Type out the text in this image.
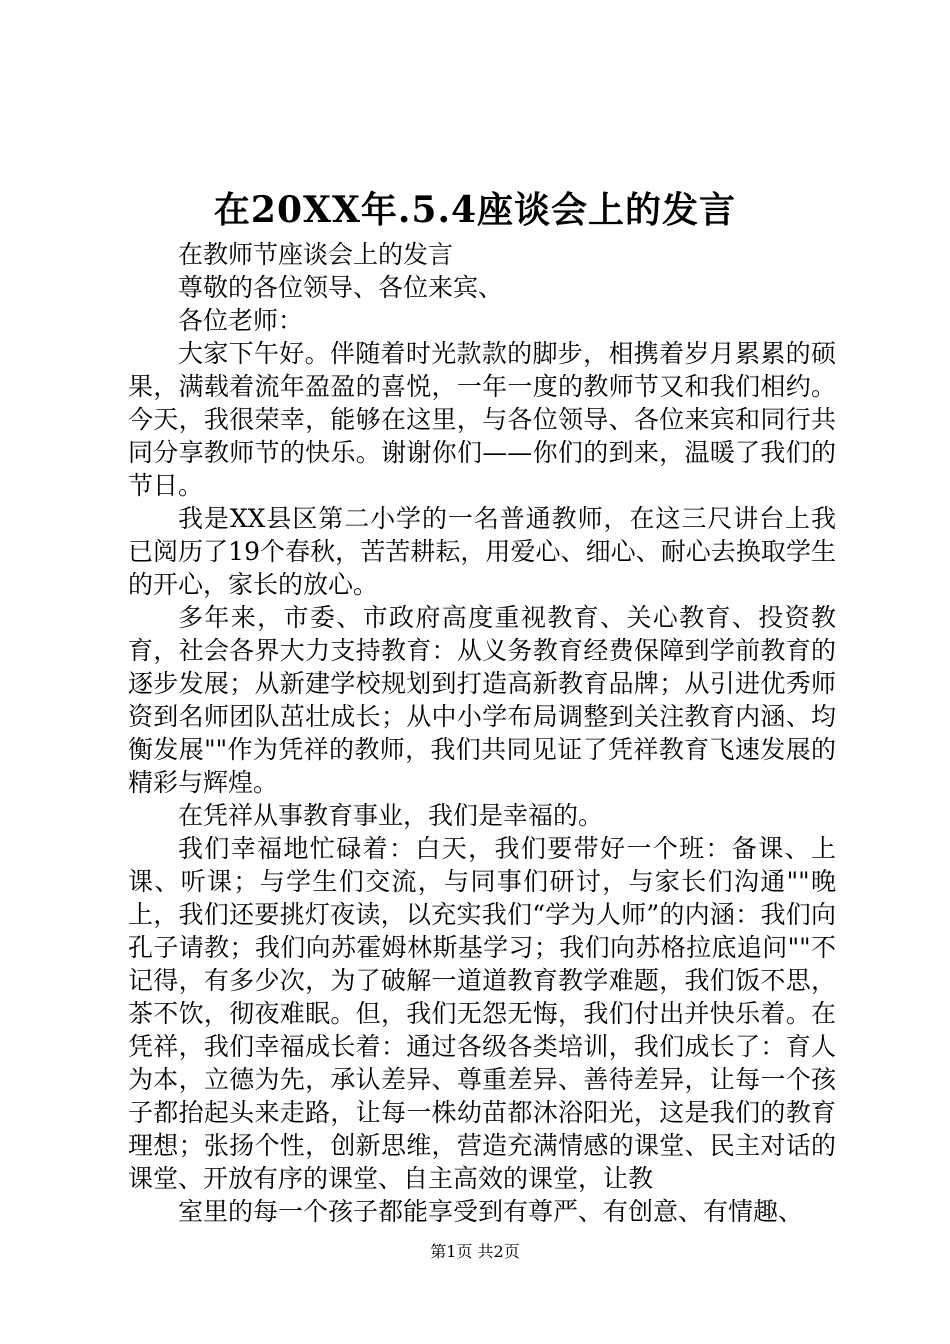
在20XX年.5.4座谈会上的发言

在教师节座谈会上的发言

尊敬的各位领导、各位来宾、

各位老师：

大家下午好。伴随着时光款款的脚步，相携着岁月累累的硕果，满载着流年盈盈的喜悦，一年一度的教师节又和我们相约。今天，我很荣幸，能够在这里，与各位领导、各位来宾和同行共同分享教师节的快乐。谢谢你们——你们的到来，温暖了我们的节日。

我是XX县区第二小学的一名普通教师，在这三尺讲台上我已阅历了19个春秋，苦苦耕耘，用爱心、细心、耐心去换取学生的开心，家长的放心。

多年来，市委、市政府高度重视教育、关心教育、投资教育，社会各界大力支持教育：从义务教育经费保障到学前教育的逐步发展；从新建学校规划到打造高新教育品牌；从引进优秀师资到名师团队茁壮成长；从中小学布局调整到关注教育内涵、均衡发展""作为凭祥的教师，我们共同见证了凭祥教育飞速发展的精彩与辉煌。

在凭祥从事教育事业，我们是幸福的。

我们幸福地忙碌着：白天，我们要带好一个班：备课、上课、听课；与学生们交流，与同事们研讨，与家长们沟通""晚上，我们还要挑灯夜读，以充实我们“学为人师”的内涵：我们向孔子请教；我们向苏霍姆林斯基学习；我们向苏格拉底追问""不记得，有多少次，为了破解一道道教育教学难题，我们饭不思，茶不饮，彻夜难眠。但，我们无怨无悔，我们付出并快乐着。在凭祥，我们幸福成长着：通过各级各类培训，我们成长了：育人为本，立德为先，承认差异、尊重差异、善待差异，让每一个孩子都抬起头来走路，让每一株幼苗都沐浴阳光，这是我们的教育理想；张扬个性，创新思维，营造充满情感的课堂、民主对话的课堂、开放有序的课堂、自主高效的课堂，让教

室里的每一个孩子都能享受到有尊严、有创意、有情趣、

第1页 共2页
